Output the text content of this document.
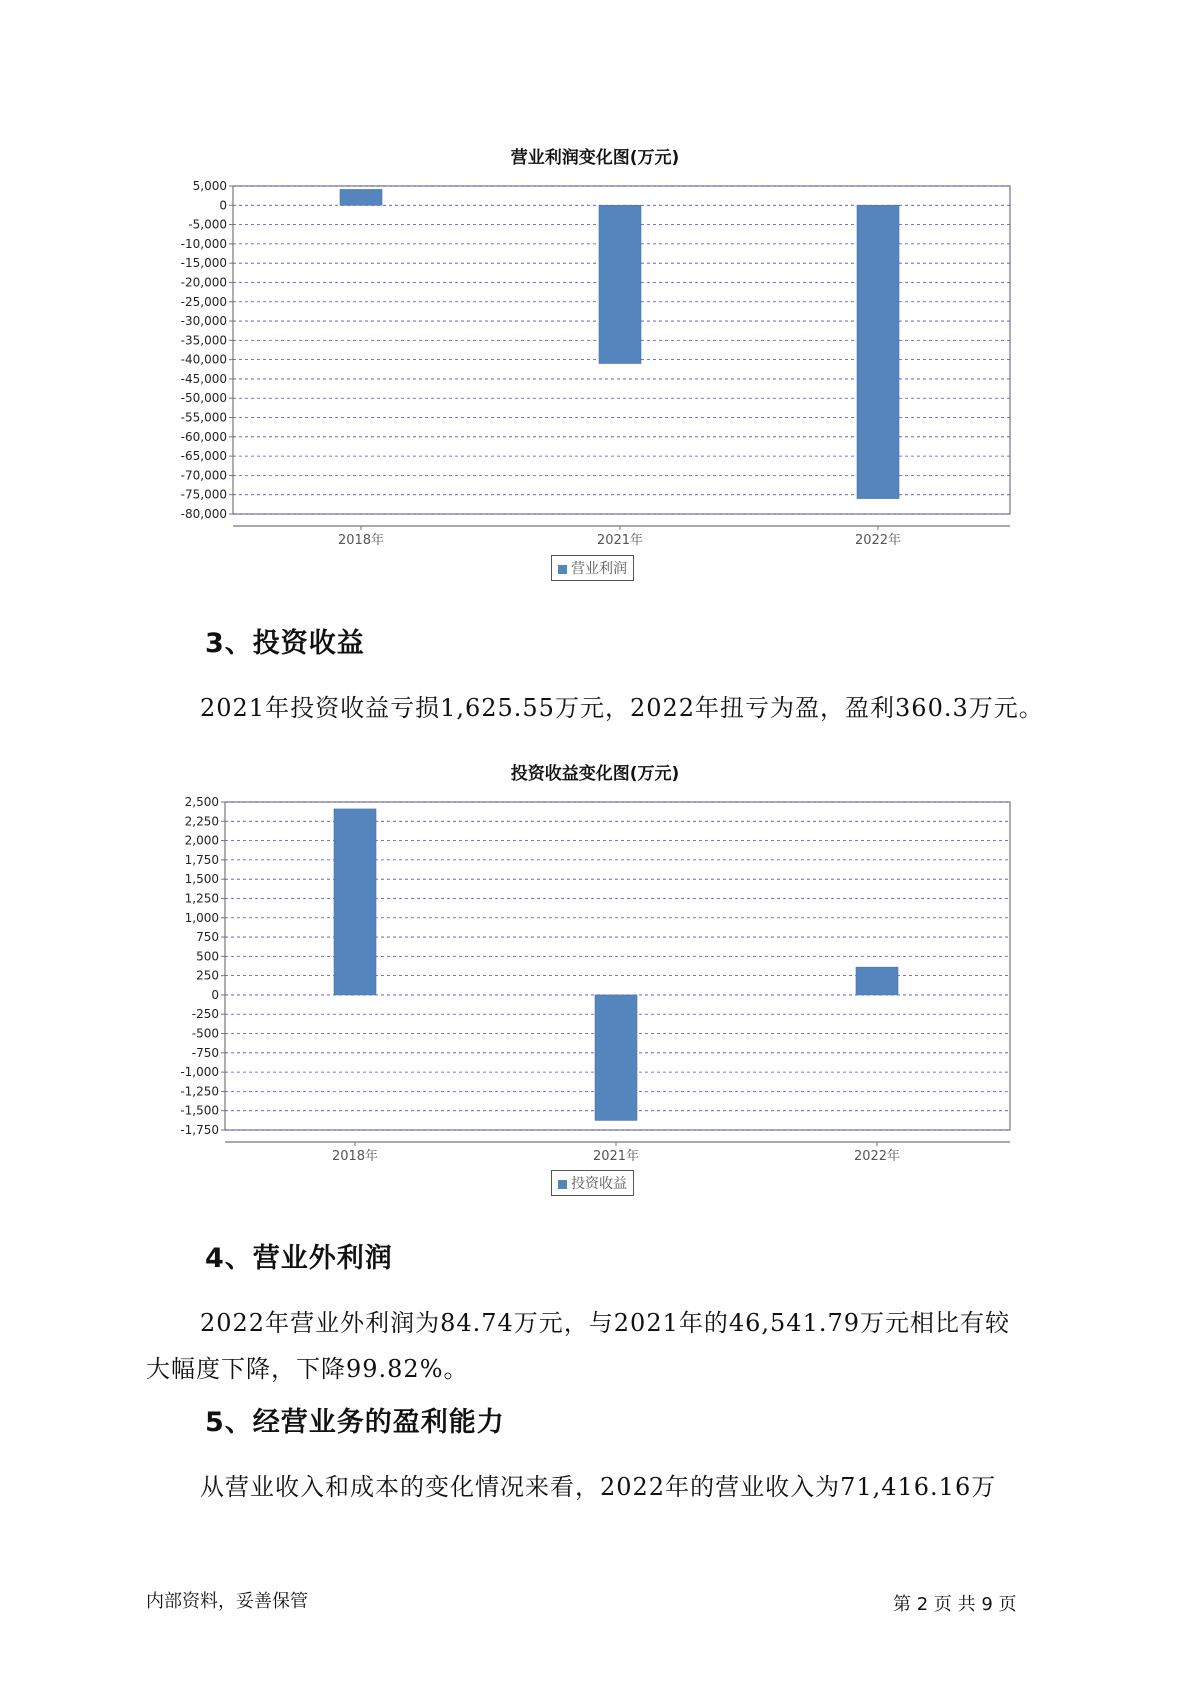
营业利润变化图(万元)
5,000
0
-5,000
-10,000
-15,000
-20,000
-25,000
-30,000
-35,000
-40,000
-45,000
-50,000
-55,000
-60,000
-65,000
-70,000
-75,000
-80,000
2018年	2021年	2022年
营业利润
3、投资收益
2021年投资收益亏损1,625.55万元，2022年扭亏为盈，盈利360.3万元。
投资收益变化图(万元)
2,500
2,250
2,000
1,750
1,500
1,250
1,000
750
500
250
0
-250
-500
-750
-1,000
-1,250
-1,500
-1,750
2018年	2021年	2022年
投资收益
4、营业外利润
2022年营业外利润为84.74万元，与2021年的46,541.79万元相比有较
大幅度下降，下降99.82%。
5、经营业务的盈利能力
从营业收入和成本的变化情况来看，2022年的营业收入为71,416.16万
内部资料，妥善保管	第 2 页 共 9 页
